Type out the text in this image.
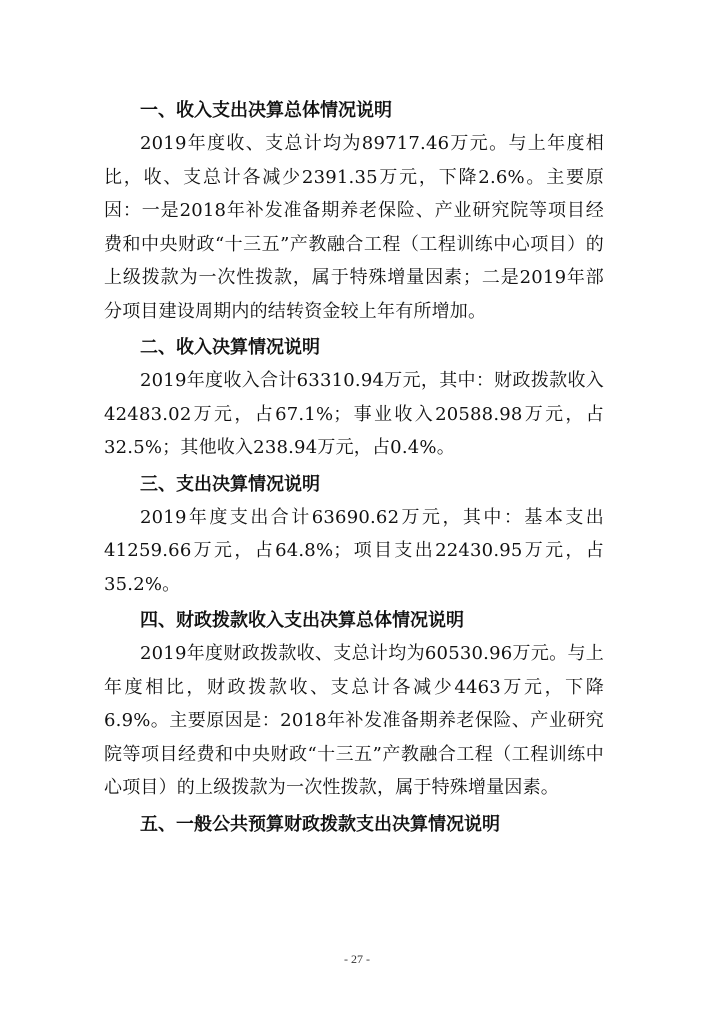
一、收入支出决算总体情况说明

2019年度收、支总计均为89717.46万元。与上年度相比，收、支总计各减少2391.35万元，下降2.6%。主要原因：一是2018年补发准备期养老保险、产业研究院等项目经费和中央财政“十三五”产教融合工程（工程训练中心项目）的上级拨款为一次性拨款，属于特殊增量因素；二是2019年部分项目建设周期内的结转资金较上年有所增加。

二、收入决算情况说明

2019年度收入合计63310.94万元，其中：财政拨款收入42483.02万元，占67.1%；事业收入20588.98万元，占32.5%；其他收入238.94万元，占0.4%。

三、支出决算情况说明

2019年度支出合计63690.62万元，其中：基本支出41259.66万元，占64.8%；项目支出22430.95万元，占35.2%。

四、财政拨款收入支出决算总体情况说明

2019年度财政拨款收、支总计均为60530.96万元。与上年度相比，财政拨款收、支总计各减少4463万元，下降6.9%。主要原因是：2018年补发准备期养老保险、产业研究院等项目经费和中央财政“十三五”产教融合工程（工程训练中心项目）的上级拨款为一次性拨款，属于特殊增量因素。

五、一般公共预算财政拨款支出决算情况说明
- 27 -
